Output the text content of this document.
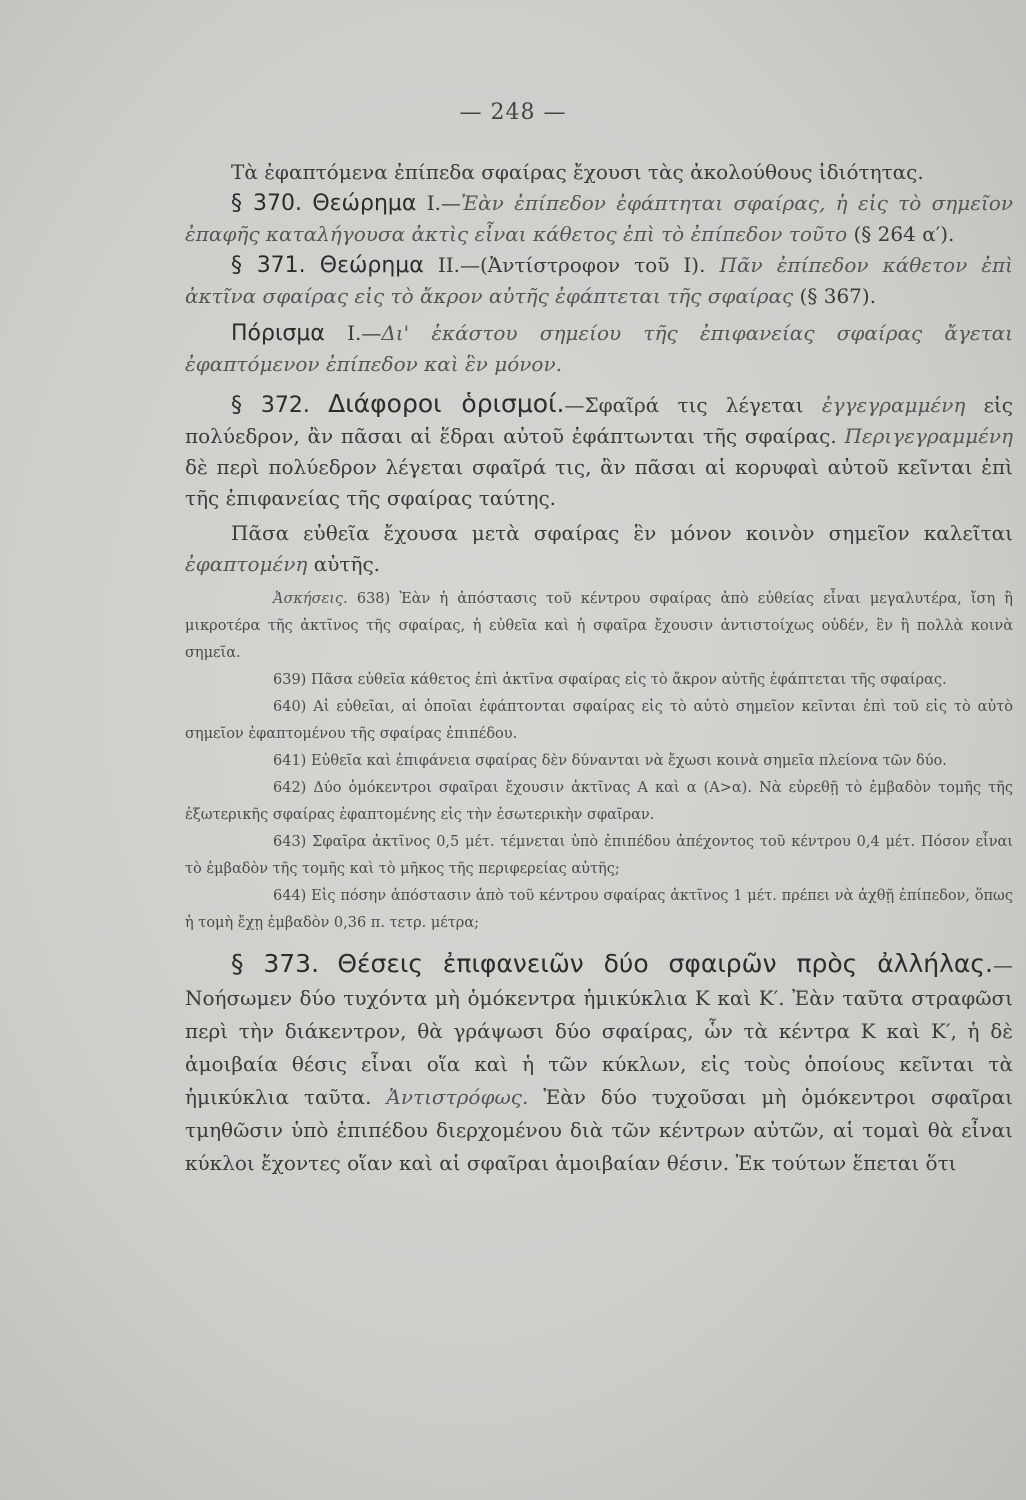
— 248 —

Τὰ ἐφαπτόμενα ἐπίπεδα σφαίρας ἔχουσι τὰς ἀκολούθους ἰδιότητας.

§ 370. Θεώρημα I.—Ἐὰν ἐπίπεδον ἐφάπτηται σφαίρας, ἡ εἰς τὸ σημεῖον ἐπαφῆς καταλήγουσα ἀκτὶς εἶναι κάθετος ἐπὶ τὸ ἐπίπεδον τοῦτο (§ 264 α′).

§ 371. Θεώρημα II.—(Ἀντίστροφον τοῦ I). Πᾶν ἐπίπεδον κάθετον ἐπὶ ἀκτῖνα σφαίρας εἰς τὸ ἄκρον αὐτῆς ἐφάπτεται τῆς σφαίρας (§ 367).

Πόρισμα I.—Δι' ἑκάστου σημείου τῆς ἐπιφανείας σφαίρας ἄγεται ἐφαπτόμενον ἐπίπεδον καὶ ἓν μόνον.

§ 372. Διάφοροι ὁρισμοί.—Σφαῖρά τις λέγεται ἐγγεγραμμένη εἰς πολύεδρον, ἂν πᾶσαι αἱ ἕδραι αὐτοῦ ἐφάπτωνται τῆς σφαίρας. Περιγεγραμμένη δὲ περὶ πολύεδρον λέγεται σφαῖρά τις, ἂν πᾶσαι αἱ κορυφαὶ αὐτοῦ κεῖνται ἐπὶ τῆς ἐπιφανείας τῆς σφαίρας ταύτης.

Πᾶσα εὐθεῖα ἔχουσα μετὰ σφαίρας ἓν μόνον κοινὸν σημεῖον καλεῖται ἐφαπτομένη αὐτῆς.

Ἀσκήσεις. 638) Ἐὰν ἡ ἀπόστασις τοῦ κέντρου σφαίρας ἀπὸ εὐθείας εἶναι μεγαλυτέρα, ἴση ἢ μικροτέρα τῆς ἀκτῖνος τῆς σφαίρας, ἡ εὐθεῖα καὶ ἡ σφαῖρα ἔχουσιν ἀντιστοίχως οὐδέν, ἓν ἢ πολλὰ κοινὰ σημεῖα.

639) Πᾶσα εὐθεῖα κάθετος ἐπὶ ἀκτῖνα σφαίρας εἰς τὸ ἄκρον αὐτῆς ἐφάπτεται τῆς σφαίρας.

640) Αἱ εὐθεῖαι, αἱ ὁποῖαι ἐφάπτονται σφαίρας εἰς τὸ αὐτὸ σημεῖον κεῖνται ἐπὶ τοῦ εἰς τὸ αὐτὸ σημεῖον ἐφαπτομένου τῆς σφαίρας ἐπιπέδου.

641) Εὐθεῖα καὶ ἐπιφάνεια σφαίρας δὲν δύνανται νὰ ἔχωσι κοινὰ σημεῖα πλείονα τῶν δύο.

642) Δύο ὁμόκεντροι σφαῖραι ἔχουσιν ἀκτῖνας Α καὶ α (Α>α). Νὰ εὑρεθῇ τὸ ἐμβαδὸν τομῆς τῆς ἐξωτερικῆς σφαίρας ἐφαπτομένης εἰς τὴν ἐσωτερικὴν σφαῖραν.

643) Σφαῖρα ἀκτῖνος 0,5 μέτ. τέμνεται ὑπὸ ἐπιπέδου ἀπέχοντος τοῦ κέντρου 0,4 μέτ. Πόσον εἶναι τὸ ἐμβαδὸν τῆς τομῆς καὶ τὸ μῆκος τῆς περιφερείας αὐτῆς;

644) Εἰς πόσην ἀπόστασιν ἀπὸ τοῦ κέντρου σφαίρας ἀκτῖνος 1 μέτ. πρέπει νὰ ἀχθῇ ἐπίπεδον, ὅπως ἡ τομὴ ἔχῃ ἐμβαδὸν 0,36 π. τετρ. μέτρα;

§ 373. Θέσεις ἐπιφανειῶν δύο σφαιρῶν πρὸς ἀλλήλας.—Νοήσωμεν δύο τυχόντα μὴ ὁμόκεντρα ἡμικύκλια Κ καὶ Κ′. Ἐὰν ταῦτα στραφῶσι περὶ τὴν διάκεντρον, θὰ γράψωσι δύο σφαίρας, ὧν τὰ κέντρα Κ καὶ Κ′, ἡ δὲ ἀμοιβαία θέσις εἶναι οἵα καὶ ἡ τῶν κύκλων, εἰς τοὺς ὁποίους κεῖνται τὰ ἡμικύκλια ταῦτα. Ἀντιστρόφως. Ἐὰν δύο τυχοῦσαι μὴ ὁμόκεντροι σφαῖραι τμηθῶσιν ὑπὸ ἐπιπέδου διερχομένου διὰ τῶν κέντρων αὐτῶν, αἱ τομαὶ θὰ εἶναι κύκλοι ἔχοντες οἵαν καὶ αἱ σφαῖραι ἀμοιβαίαν θέσιν. Ἐκ τούτων ἕπεται ὅτι
